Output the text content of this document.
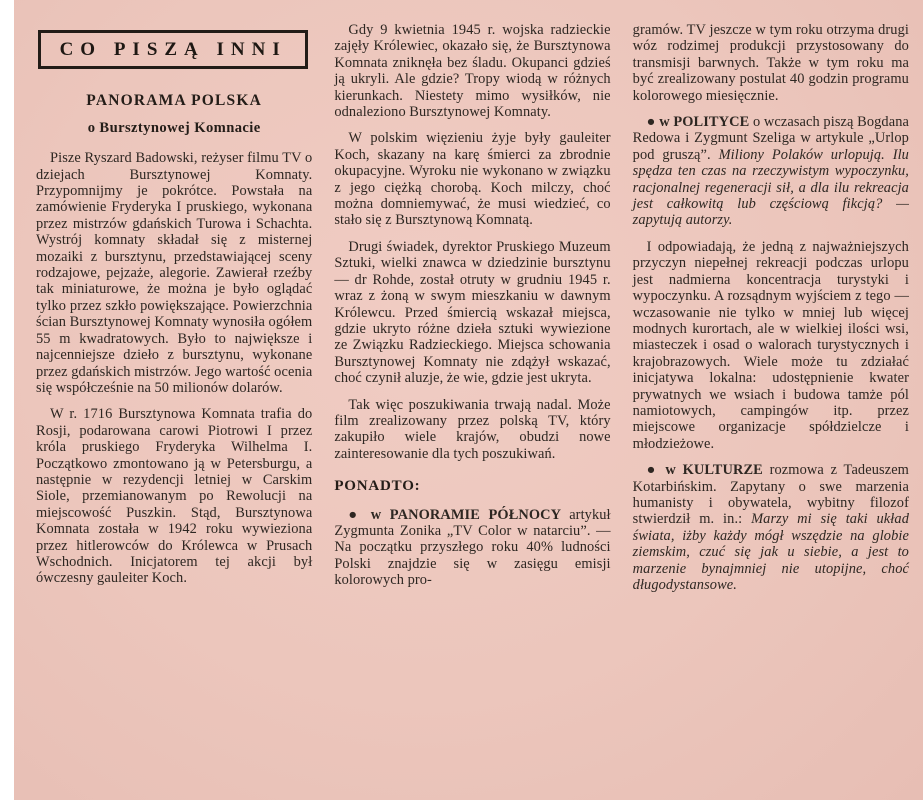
CO PISZĄ INNI
PANORAMA POLSKA
o Bursztynowej Komnacie

Pisze Ryszard Badowski, reżyser filmu TV o dziejach Bursztynowej Komnaty. Przypomnijmy je pokrótce. Powstała na zamówienie Fryderyka I pruskiego, wykonana przez mistrzów gdańskich Turowa i Schachta. Wystrój komnaty składał się z misternej mozaiki z bursztynu, przedstawiającej sceny rodzajowe, pejzaże, alegorie. Zawierał rzeźby tak miniaturowe, że można je było oglądać tylko przez szkło powiększające. Powierzchnia ścian Bursztynowej Komnaty wynosiła ogółem 55 m kwadratowych. Było to największe i najcenniejsze dzieło z bursztynu, wykonane przez gdańskich mistrzów. Jego wartość ocenia się współcześnie na 50 milionów dolarów.

W r. 1716 Bursztynowa Komnata trafia do Rosji, podarowana carowi Piotrowi I przez króla pruskiego Fryderyka Wilhelma I. Początkowo zmontowano ją w Petersburgu, a następnie w rezydencji letniej w Carskim Siole, przemianowanym po Rewolucji na miejscowość Puszkin. Stąd, Bursztynowa Komnata została w 1942 roku wywieziona przez hitlerowców do Królewca w Prusach Wschodnich. Inicjatorem tej akcji był ówczesny gauleiter Koch.

Gdy 9 kwietnia 1945 r. wojska radzieckie zajęły Królewiec, okazało się, że Bursztynowa Komnata zniknęła bez śladu. Okupanci gdzieś ją ukryli. Ale gdzie? Tropy wiodą w różnych kierunkach. Niestety mimo wysiłków, nie odnaleziono Bursztynowej Komnaty.

W polskim więzieniu żyje były gauleiter Koch, skazany na karę śmierci za zbrodnie okupacyjne. Wyroku nie wykonano w związku z jego ciężką chorobą. Koch milczy, choć można domniemywać, że musi wiedzieć, co stało się z Bursztynową Komnatą.

Drugi świadek, dyrektor Pruskiego Muzeum Sztuki, wielki znawca w dziedzinie bursztynu — dr Rohde, został otruty w grudniu 1945 r. wraz z żoną w swym mieszkaniu w dawnym Królewcu. Przed śmiercią wskazał miejsca, gdzie ukryto różne dzieła sztuki wywiezione ze Związku Radzieckiego. Miejsca schowania Bursztynowej Komnaty nie zdążył wskazać, choć czynił aluzje, że wie, gdzie jest ukryta.

Tak więc poszukiwania trwają nadal. Może film zrealizowany przez polską TV, który zakupiło wiele krajów, obudzi nowe zainteresowanie dla tych poszukiwań.

PONADTO:

● w PANORAMIE PÓŁNOCY artykuł Zygmunta Zonika „TV Color w natarciu”. — Na początku przyszłego roku 40% ludności Polski znajdzie się w zasięgu emisji kolorowych pro-

gramów. TV jeszcze w tym roku otrzyma drugi wóz rodzimej produkcji przystosowany do transmisji barwnych. Także w tym roku ma być zrealizowany postulat 40 godzin programu kolorowego miesięcznie.

● w POLITYCE o wczasach piszą Bogdana Redowa i Zygmunt Szeliga w artykule „Urlop pod gruszą”. Miliony Polaków urlopują. Ilu spędza ten czas na rzeczywistym wypoczynku, racjonalnej regeneracji sił, a dla ilu rekreacja jest całkowitą lub częściową fikcją? — zapytują autorzy.

I odpowiadają, że jedną z najważniejszych przyczyn niepełnej rekreacji podczas urlopu jest nadmierna koncentracja turystyki i wypoczynku. A rozsądnym wyjściem z tego — wczasowanie nie tylko w mniej lub więcej modnych kurortach, ale w wielkiej ilości wsi, miasteczek i osad o walorach turystycznych i krajobrazowych. Wiele może tu zdziałać inicjatywa lokalna: udostępnienie kwater prywatnych we wsiach i budowa tamże pól namiotowych, campingów itp. przez miejscowe organizacje spółdzielcze i młodzieżowe.

● w KULTURZE rozmowa z Tadeuszem Kotarbińskim. Zapytany o swe marzenia humanisty i obywatela, wybitny filozof stwierdził m. in.: Marzy mi się taki układ świata, iżby każdy mógł wszędzie na globie ziemskim, czuć się jak u siebie, a jest to marzenie bynajmniej nie utopijne, choć długodystansowe.
